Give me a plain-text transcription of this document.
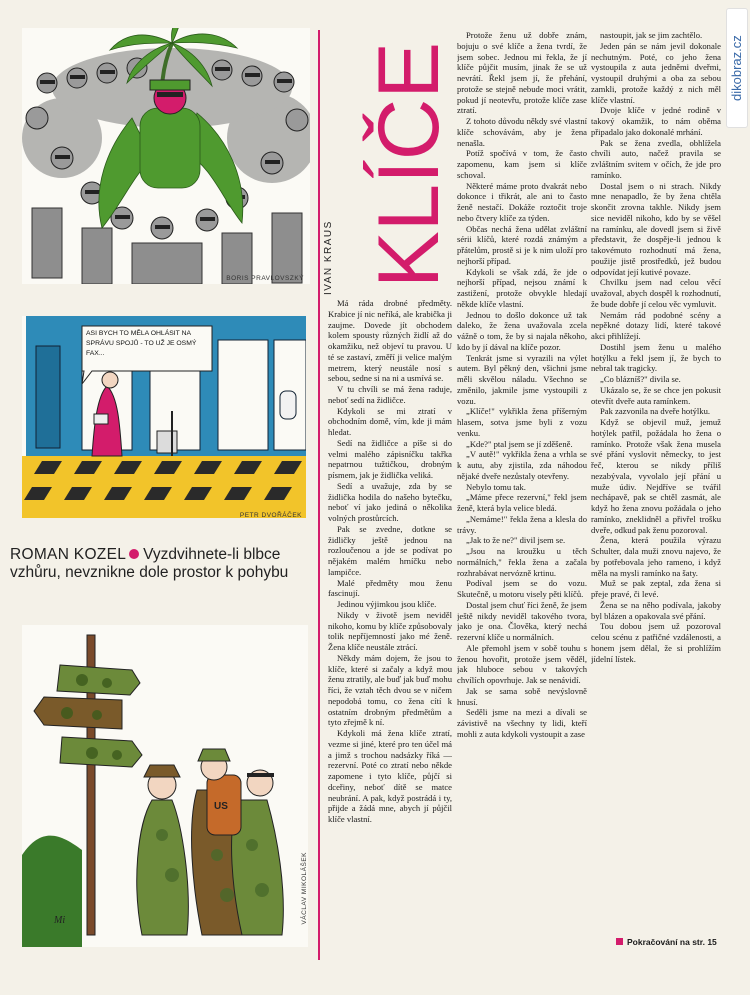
dikobraz.cz
BORIS PRAVLOVSZKÝ
ASI BYCH TO MĚLA OHLÁSIT NA SPRÁVU SPOJŮ - TO UŽ JE OSMÝ FAX...
PETR DVOŘÁČEK
ROMAN KOZEL Vyzdvihnete-li blbce vzhůru, nevznikne dole prostor k pohybu
US
Mi	VÁCLAV MIKOLÁŠEK
IVAN KRAUS KLÍČE

Má ráda drobné předměty. Krabice jí nic neříká, ale krabička ji zaujme. Dovede jít obchodem kolem spousty různých židlí až do okamžiku, než objeví tu pravou. U té se zastaví, změří ji velice malým metrem, který neustále nosí s sebou, sedne si na ni a usmívá se.

V tu chvíli se má žena raduje, neboť sedí na židličce.

Kdykoli se mi ztratí v obchodním domě, vím, kde ji mám hledat.

Sedí na židličce a píše si do velmi malého zápisníčku takřka nepatrnou tužtičkou, drobným písmem, jak je židlička veliká.

Sedí a uvažuje, zda by se židlička hodila do našeho bytečku, neboť ví jako jediná o několika volných prostůrcích.

Pak se zvedne, dotkne se židličky ještě jednou na rozloučenou a jde se podívat po nějakém malém hrníčku nebo lampičce.

Malé předměty mou ženu fascinují.

Jedinou výjimkou jsou klíče.

Nikdy v životě jsem neviděl nikoho, komu by klíče způsobovaly tolik nepříjemností jako mé ženě. Žena klíče neustále ztrácí.

Někdy mám dojem, že jsou to klíče, které si začaly a když mou ženu ztratily, ale buď jak buď mohu říci, že vztah těch dvou se v ničem nepodobá tomu, co žena cítí k ostatním drobným předmětům a tyto zřejmě k ní.

Kdykoli má žena klíče ztratí, vezme si jiné, které pro ten účel má a jimž s trochou nadsázky říká — rezervní. Poté co ztratí nebo někde zapomene i tyto klíče, půjčí si dceřiny, neboť dítě se matce neubrání. A pak, když postrádá i ty, přijde a žádá mne, abych jí půjčil klíče vlastní.

Protože ženu už dobře znám, bojuju o své klíče a žena tvrdí, že jsem sobec. Jednou mi řekla, že jí klíče půjčit musím, jinak že se už nevrátí. Řekl jsem jí, že přehání, protože se stejně nebude moci vrátit, pokud jí neotevřu, protože klíče zase ztratí.

Z tohoto důvodu někdy své vlastní klíče schovávám, aby je žena nenašla.

Potíž spočívá v tom, že často zapomenu, kam jsem si klíče schoval.

Některé máme proto dvakrát nebo dokonce i třikrát, ale ani to často ženě nestačí. Dokáže roztočit troje nebo čtvery klíče za týden.

Občas nechá žena udělat zvláštní sérii klíčů, které rozdá známým a přátelům, prostě si je k nim uloží pro nejhorší případ.

Kdykoli se však zdá, že jde o nejhorší případ, nejsou známí k zastižení, protože obvykle hledají někde klíče vlastní.

Jednou to došlo dokonce už tak daleko, že žena uvažovala zcela vážně o tom, že by si najala někoho, kdo by jí dával na klíče pozor.

Tenkrát jsme si vyrazili na výlet autem. Byl pěkný den, všichni jsme měli skvělou náladu. Všechno se změnilo, jakmile jsme vystoupili z vozu.

„Klíče!" vykřikla žena příšerným hlasem, sotva jsme byli z vozu venku.

„Kde?" ptal jsem se jí zděšeně.

„V autě!" vykřikla žena a vrhla se k autu, aby zjistila, zda náhodou nějaké dveře nezůstaly otevřeny.

Nebylo tomu tak.

„Máme přece rezervní," řekl jsem ženě, která byla velice bledá.

„Nemáme!" řekla žena a klesla do trávy.

„Jak to že ne?" divil jsem se.

„Jsou na kroužku u těch normálních," řekla žena a začala rozhrabávat nervózně krtinu.

Podíval jsem se do vozu. Skutečně, u motoru visely pěti klíčů.

Dostal jsem chuť říci ženě, že jsem ještě nikdy neviděl takového tvora, jako je ona. Člověka, který nechá rezervní klíče u normálních.

Ale přemohl jsem v sobě touhu s ženou hovořit, protože jsem věděl, jak hluboce sebou v takových chvílích opovrhuje. Jak se nenávidí.

Jak se sama sobě nevýslovně hnusí.

Seděli jsme na mezi a dívali se závistivě na všechny ty lidi, kteří mohli z auta kdykoli vystoupit a zase

nastoupit, jak se jim zachtělo.

Jeden pán se nám jevil dokonale nechutným. Poté, co jeho žena vystoupila z auta jedněmi dveřmi, vystoupil druhými a oba za sebou zamkli, protože každý z nich měl klíče vlastní.

Dvoje klíče v jedné rodině v takový okamžik, to nám oběma připadalo jako dokonalé mrhání.

Pak se žena zvedla, obhlížela chvíli auto, načež pravila se zvláštním svitem v očích, že jde pro ramínko.

Dostal jsem o ni strach. Nikdy mne nenapadlo, že by žena chtěla skončit zrovna takhle. Nikdy jsem sice neviděl nikoho, kdo by se věšel na ramínku, ale dovedl jsem si živě představit, že dospěje-li jednou k takovémuto rozhodnutí má žena, použije jistě prostředků, jež budou odpovídat její kutivé povaze.

Chvilku jsem nad celou věcí uvažoval, abych dospěl k rozhodnutí, že bude dobře jí celou věc vymluvit.

Nemám rád podobné scény a nepěkné dotazy lidí, které takové akci přihlížejí.

Dostihl jsem ženu u malého hotýlku a řekl jsem jí, že bych to nebral tak tragicky.

„Co blázníš?" divila se.

Ukázalo se, že se chce jen pokusit otevřít dveře auta ramínkem.

Pak zazvonila na dveře hotýlku.

Když se objevil muž, jemuž hotýlek patřil, požádala ho žena o ramínko. Protože však žena musela své přání vyslovit německy, to jest řeč, kterou se nikdy příliš nezabývala, vyvolalo její přání u muže údiv. Nejdříve se tvářil nechápavě, pak se chtěl zasmát, ale když ho žena znovu požádala o jeho ramínko, zneklidněl a přivřel trošku dveře, odkud pak ženu pozoroval.

Žena, která použila výrazu Schulter, dala muži znovu najevo, že by potřebovala jeho rameno, i když měla na mysli ramínko na šaty.

Muž se pak zeptal, zda žena si přeje pravé, či levé.

Žena se na něho podívala, jakoby byl blázen a opakovala své přání.

Tou dobou jsem už pozoroval celou scénu z patřičné vzdálenosti, a honem jsem dělal, že si prohlížím jídelní lístek.

Pokračování na str. 15
